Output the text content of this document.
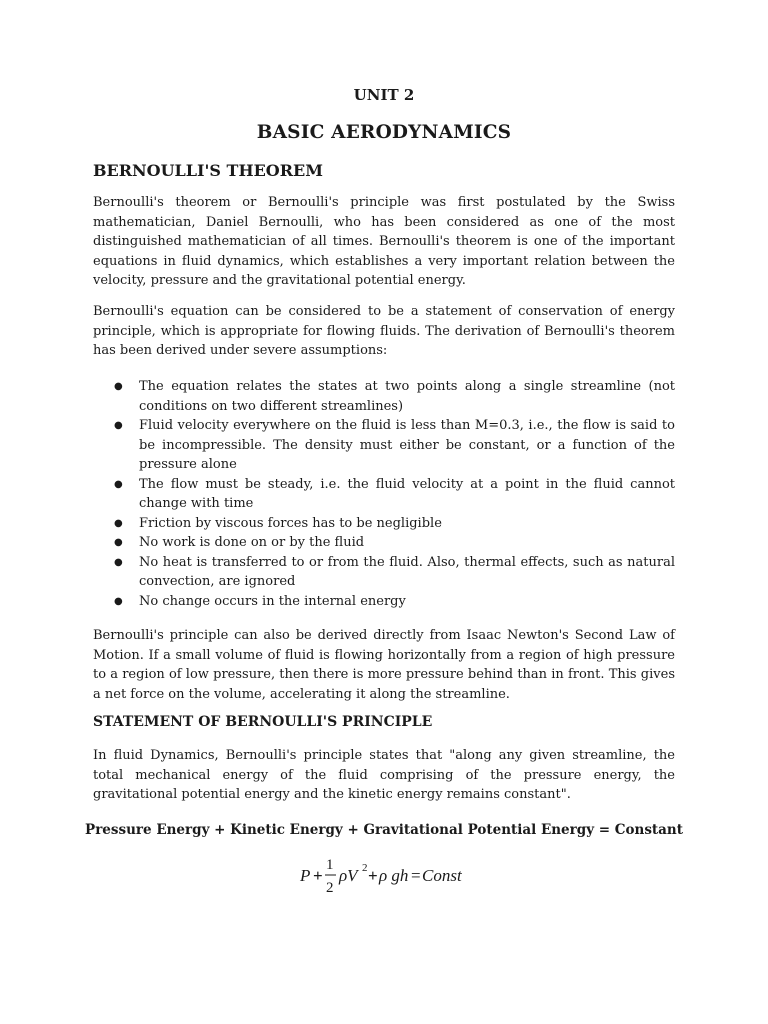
UNIT 2
BASIC AERODYNAMICS
BERNOULLI'S THEOREM
Bernoulli's theorem or Bernoulli's principle was first postulated by the Swiss mathematician, Daniel Bernoulli, who has been considered as one of the most distinguished mathematician of all times. Bernoulli's theorem is one of the important equations in fluid dynamics, which establishes a very important relation between the velocity, pressure and the gravitational potential energy.
Bernoulli's equation can be considered to be a statement of conservation of energy principle, which is appropriate for flowing fluids. The derivation of Bernoulli's theorem has been derived under severe assumptions:
● The equation relates the states at two points along a single streamline (not conditions on two different streamlines)
● Fluid velocity everywhere on the fluid is less than M=0.3, i.e., the flow is said to be incompressible. The density must either be constant, or a function of the pressure alone
● The flow must be steady, i.e. the fluid velocity at a point in the fluid cannot change with time
● Friction by viscous forces has to be negligible
● No work is done on or by the fluid
● No heat is transferred to or from the fluid. Also, thermal effects, such as natural convection, are ignored
● No change occurs in the internal energy
Bernoulli's principle can also be derived directly from Isaac Newton's Second Law of Motion. If a small volume of fluid is flowing horizontally from a region of high pressure to a region of low pressure, then there is more pressure behind than in front. This gives a net force on the volume, accelerating it along the streamline.
STATEMENT OF BERNOULLI'S PRINCIPLE
In fluid Dynamics, Bernoulli's principle states that "along any given streamline, the total mechanical energy of the fluid comprising of the pressure energy, the gravitational potential energy and the kinetic energy remains constant".
Pressure Energy + Kinetic Energy + Gravitational Potential Energy = Constant
P +
1
2
ρV 2 + ρ gh = Const
